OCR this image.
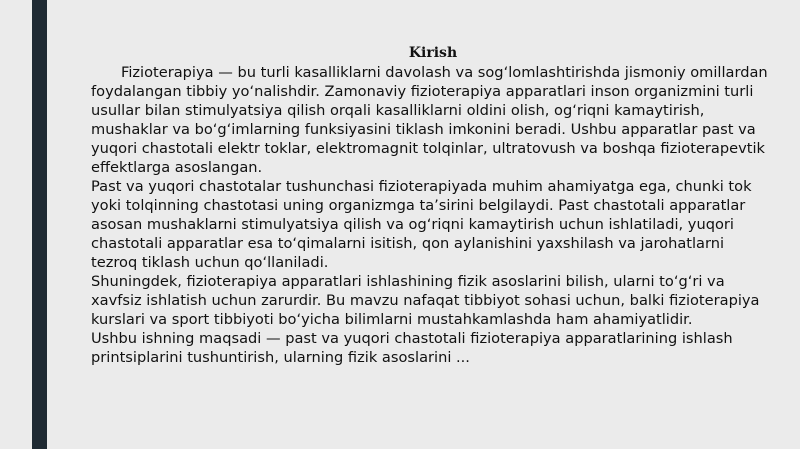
Kirish

Fizioterapiya — bu turli kasalliklarni davolash va sog‘lomlashtirishda jismoniy omillardan foydalangan tibbiy yo‘nalishdir. Zamonaviy fizioterapiya apparatlari inson organizmini turli usullar bilan stimulyatsiya qilish orqali kasalliklarni oldini olish, og‘riqni kamaytirish, mushaklar va bo‘g‘imlarning funksiyasini tiklash imkonini beradi. Ushbu apparatlar past va yuqori chastotali elektr toklar, elektromagnit tolqinlar, ultratovush va boshqa fizioterapevtik effektlarga asoslangan.

Past va yuqori chastotalar tushunchasi fizioterapiyada muhim ahamiyatga ega, chunki tok yoki tolqinning chastotasi uning organizmga ta’sirini belgilaydi. Past chastotali apparatlar asosan mushaklarni stimulyatsiya qilish va og‘riqni kamaytirish uchun ishlatiladi, yuqori chastotali apparatlar esa to‘qimalarni isitish, qon aylanishini yaxshilash va jarohatlarni tezroq tiklash uchun qo‘llaniladi.

Shuningdek, fizioterapiya apparatlari ishlashining fizik asoslarini bilish, ularni to‘g‘ri va xavfsiz ishlatish uchun zarurdir. Bu mavzu nafaqat tibbiyot sohasi uchun, balki fizioterapiya kurslari va sport tibbiyoti bo‘yicha bilimlarni mustahkamlashda ham ahamiyatlidir.

Ushbu ishning maqsadi — past va yuqori chastotali fizioterapiya apparatlarining ishlash printsiplarini tushuntirish, ularning fizik asoslarini ...
